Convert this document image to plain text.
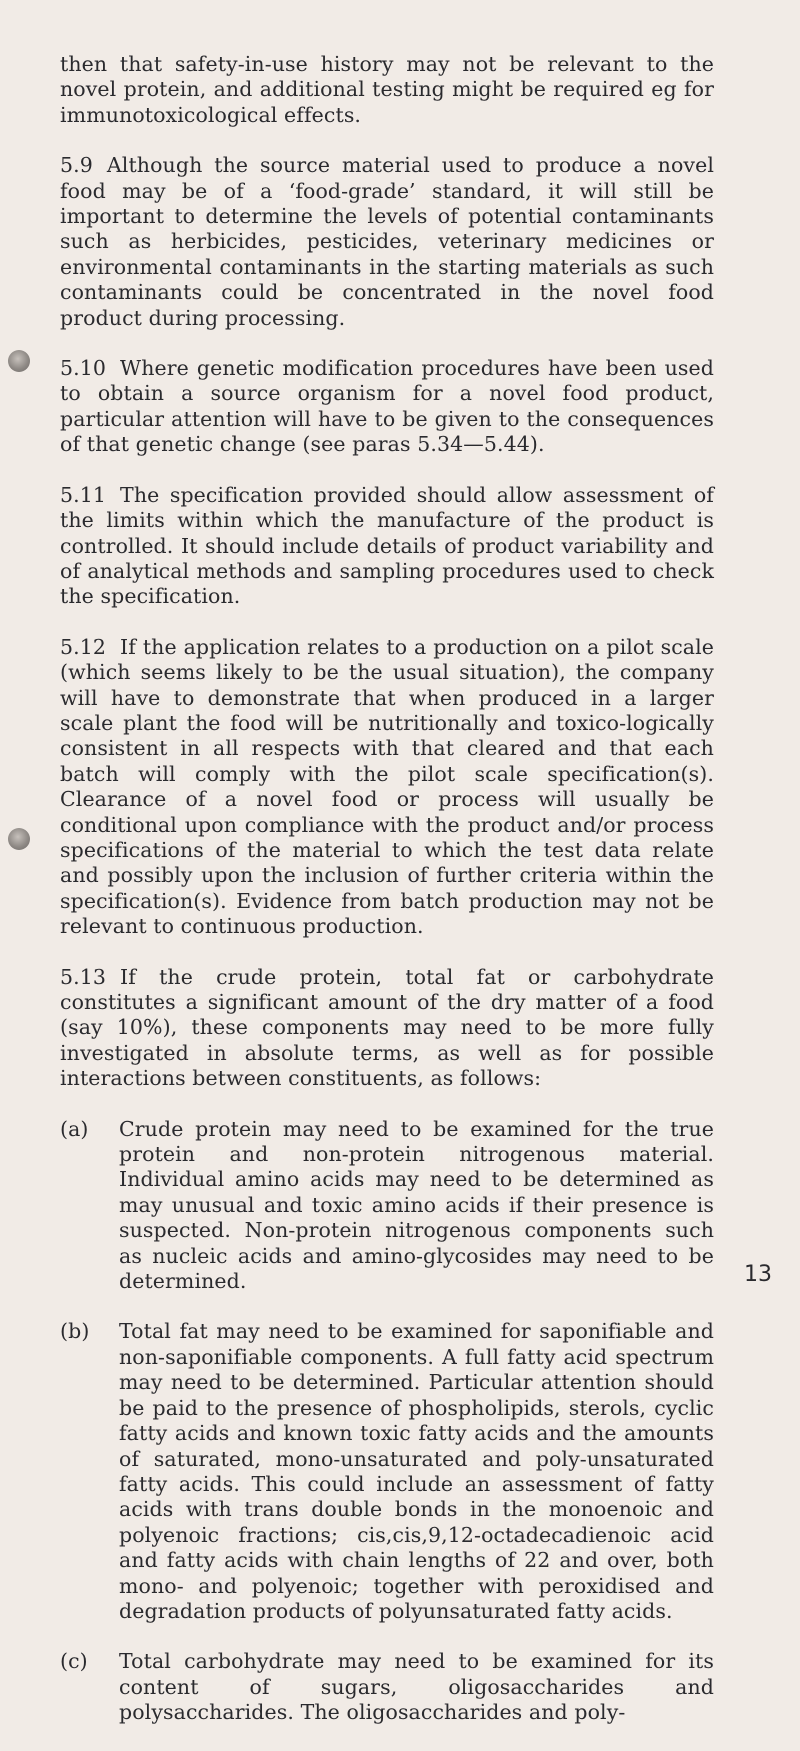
then that safety-in-use history may not be relevant to the novel protein, and additional testing might be required eg for immunotoxicological effects.

5.9 Although the source material used to produce a novel food may be of a ‘food-grade’ standard, it will still be important to determine the levels of potential contaminants such as herbicides, pesticides, veterinary medicines or environmental contaminants in the starting materials as such contaminants could be concentrated in the novel food product during processing.

5.10 Where genetic modification procedures have been used to obtain a source organism for a novel food product, particular attention will have to be given to the consequences of that genetic change (see paras 5.34—5.44).

5.11 The specification provided should allow assessment of the limits within which the manufacture of the product is controlled. It should include details of product variability and of analytical methods and sampling procedures used to check the specification.

5.12 If the application relates to a production on a pilot scale (which seems likely to be the usual situation), the company will have to demonstrate that when produced in a larger scale plant the food will be nutritionally and toxico-logically consistent in all respects with that cleared and that each batch will comply with the pilot scale specification(s). Clearance of a novel food or process will usually be conditional upon compliance with the product and/or process specifications of the material to which the test data relate and possibly upon the inclusion of further criteria within the specification(s). Evidence from batch production may not be relevant to continuous production.

5.13 If the crude protein, total fat or carbohydrate constitutes a significant amount of the dry matter of a food (say 10%), these components may need to be more fully investigated in absolute terms, as well as for possible interactions between constituents, as follows:

(a)	Crude protein may need to be examined for the true protein and non-protein nitrogenous material. Individual amino acids may need to be determined as may unusual and toxic amino acids if their presence is suspected. Non-protein nitrogenous components such as nucleic acids and amino-glycosides may need to be determined.

(b)	Total fat may need to be examined for saponifiable and non-saponifiable components. A full fatty acid spectrum may need to be determined. Particular attention should be paid to the presence of phospholipids, sterols, cyclic fatty acids and known toxic fatty acids and the amounts of saturated, mono-unsaturated and poly-unsaturated fatty acids. This could include an assessment of fatty acids with trans double bonds in the monoenoic and polyenoic fractions; cis,cis,9,12-octadecadienoic acid and fatty acids with chain lengths of 22 and over, both mono- and polyenoic; together with peroxidised and degradation products of polyunsaturated fatty acids.

(c)	Total carbohydrate may need to be examined for its content of sugars, oligosaccharides and polysaccharides. The oligosaccharides and poly-

13
